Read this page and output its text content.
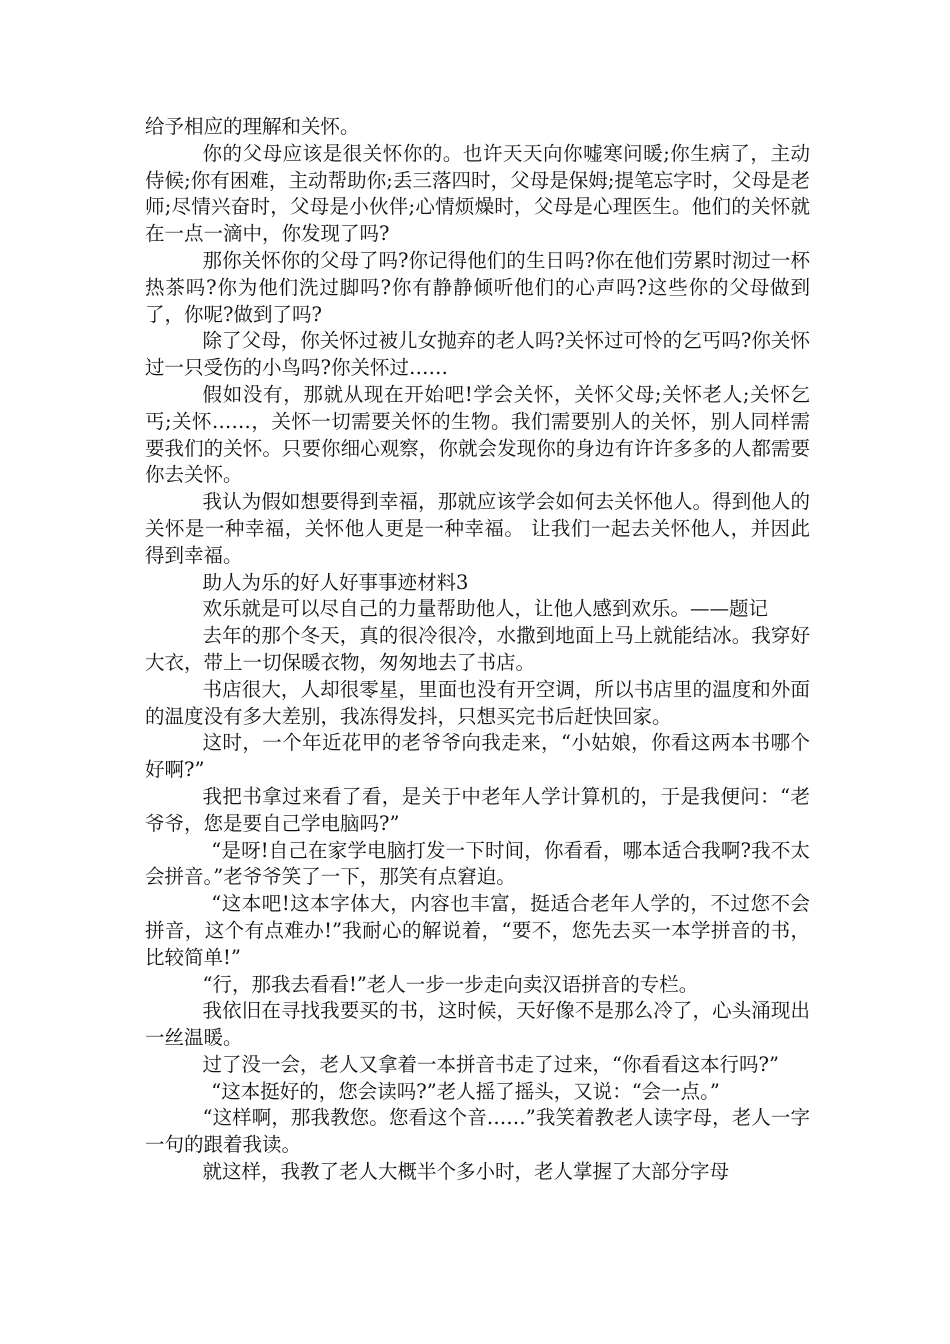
给予相应的理解和关怀。

你的父母应该是很关怀你的。也许天天向你嘘寒问暖;你生病了，主动侍候;你有困难，主动帮助你;丢三落四时，父母是保姆;提笔忘字时，父母是老师;尽情兴奋时，父母是小伙伴;心情烦燥时，父母是心理医生。他们的关怀就在一点一滴中，你发现了吗?

那你关怀你的父母了吗?你记得他们的生日吗?你在他们劳累时沏过一杯热茶吗?你为他们洗过脚吗?你有静静倾听他们的心声吗?这些你的父母做到了，你呢?做到了吗?

除了父母，你关怀过被儿女抛弃的老人吗?关怀过可怜的乞丐吗?你关怀过一只受伤的小鸟吗?你关怀过……

假如没有，那就从现在开始吧!学会关怀，关怀父母;关怀老人;关怀乞丐;关怀……，关怀一切需要关怀的生物。我们需要别人的关怀，别人同样需要我们的关怀。只要你细心观察，你就会发现你的身边有许许多多的人都需要你去关怀。

我认为假如想要得到幸福，那就应该学会如何去关怀他人。得到他人的关怀是一种幸福，关怀他人更是一种幸福。 让我们一起去关怀他人，并因此得到幸福。

助人为乐的好人好事事迹材料3

欢乐就是可以尽自己的力量帮助他人，让他人感到欢乐。——题记

去年的那个冬天，真的很冷很冷，水撒到地面上马上就能结冰。我穿好大衣，带上一切保暖衣物，匆匆地去了书店。

书店很大，人却很零星，里面也没有开空调，所以书店里的温度和外面的温度没有多大差别，我冻得发抖，只想买完书后赶快回家。

这时，一个年近花甲的老爷爷向我走来，“小姑娘，你看这两本书哪个好啊?”

我把书拿过来看了看，是关于中老年人学计算机的，于是我便问：“老爷爷，您是要自己学电脑吗?”

“是呀!自己在家学电脑打发一下时间，你看看，哪本适合我啊?我不太会拼音。”老爷爷笑了一下，那笑有点窘迫。

“这本吧!这本字体大，内容也丰富，挺适合老年人学的，不过您不会拼音，这个有点难办!”我耐心的解说着，“要不，您先去买一本学拼音的书，比较简单!”

“行，那我去看看!”老人一步一步走向卖汉语拼音的专栏。

我依旧在寻找我要买的书，这时候，天好像不是那么冷了，心头涌现出一丝温暖。

过了没一会，老人又拿着一本拼音书走了过来，“你看看这本行吗?”

“这本挺好的，您会读吗?”老人摇了摇头，又说：“会一点。”

“这样啊，那我教您。您看这个音……”我笑着教老人读字母，老人一字一句的跟着我读。

就这样，我教了老人大概半个多小时，老人掌握了大部分字母
